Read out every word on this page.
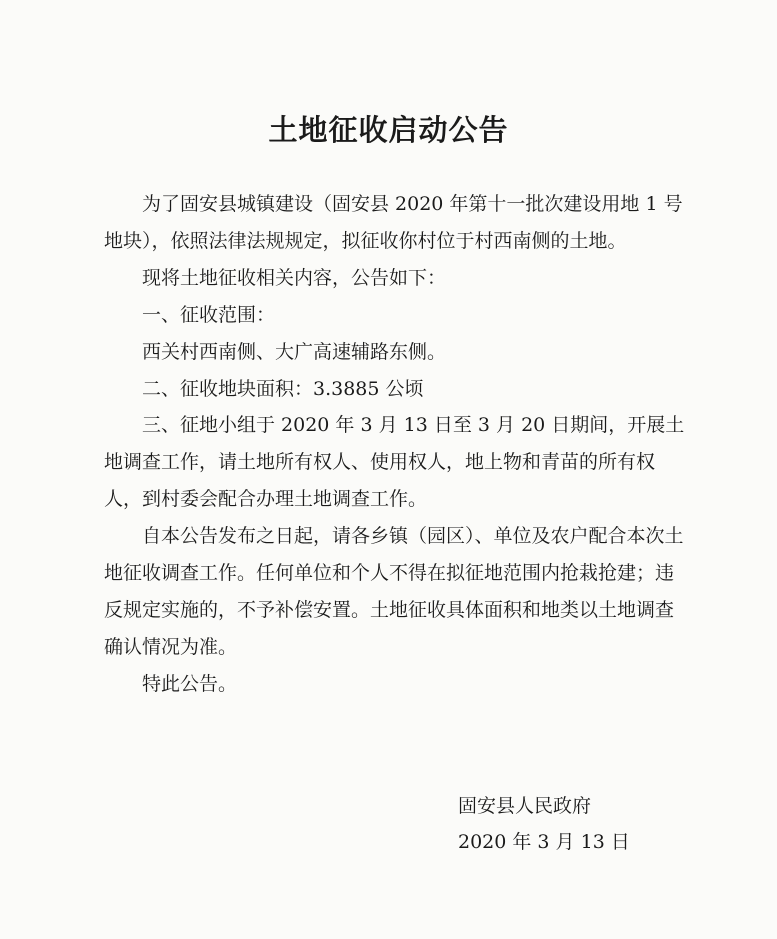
土地征收启动公告

为了固安县城镇建设（固安县 2020 年第十一批次建设用地 1 号地块），依照法律法规规定，拟征收你村位于村西南侧的土地。

现将土地征收相关内容，公告如下：

一、征收范围：

西关村西南侧、大广高速辅路东侧。

二、征收地块面积：3.3885 公顷

三、征地小组于 2020 年 3 月 13 日至 3 月 20 日期间，开展土地调查工作，请土地所有权人、使用权人，地上物和青苗的所有权人，到村委会配合办理土地调查工作。

自本公告发布之日起，请各乡镇（园区）、单位及农户配合本次土地征收调查工作。任何单位和个人不得在拟征地范围内抢栽抢建；违反规定实施的，不予补偿安置。土地征收具体面积和地类以土地调查确认情况为准。

特此公告。

固安县人民政府
2020 年 3 月 13 日
